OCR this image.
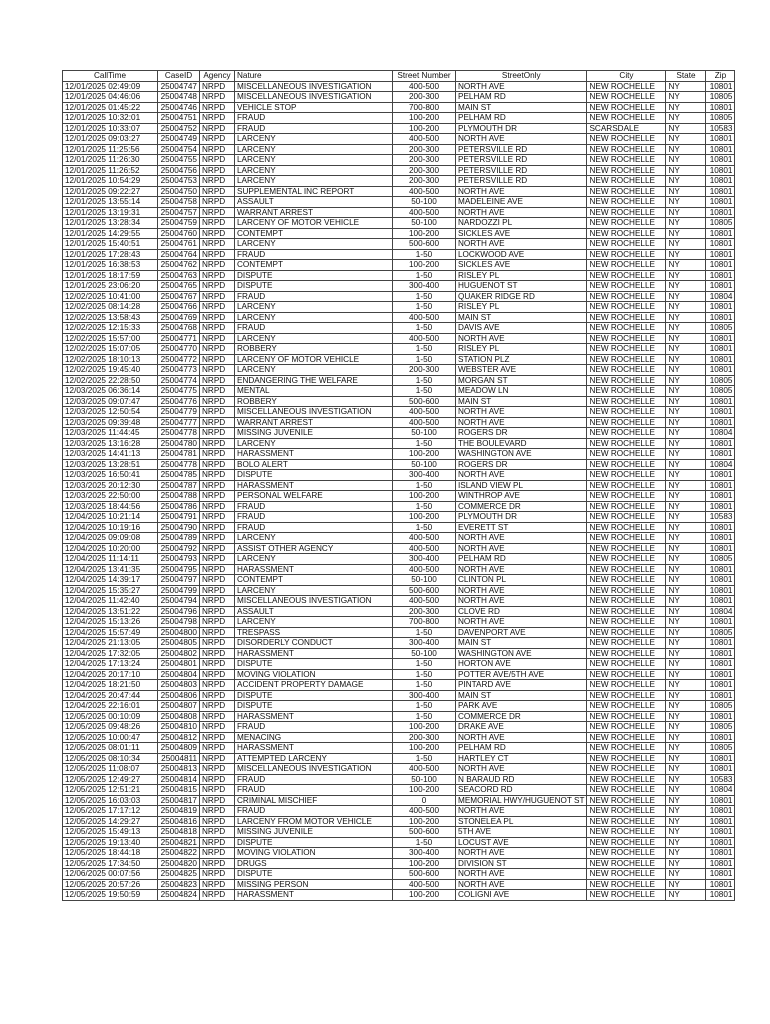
CallTime	CaseID	Agency	Nature	Street Number	StreetOnly	City	State	Zip
12/01/2025 02:49:09	25004747	NRPD	MISCELLANEOUS INVESTIGATION	400-500	NORTH AVE	NEW ROCHELLE	NY	10801
12/01/2025 04:46:06	25004748	NRPD	MISCELLANEOUS INVESTIGATION	200-300	PELHAM RD	NEW ROCHELLE	NY	10805
12/01/2025 01:45:22	25004746	NRPD	VEHICLE STOP	700-800	MAIN ST	NEW ROCHELLE	NY	10801
12/01/2025 10:32:01	25004751	NRPD	FRAUD	100-200	PELHAM RD	NEW ROCHELLE	NY	10805
12/01/2025 10:33:07	25004752	NRPD	FRAUD	100-200	PLYMOUTH DR	SCARSDALE	NY	10583
12/01/2025 09:03:27	25004749	NRPD	LARCENY	400-500	NORTH AVE	NEW ROCHELLE	NY	10801
12/01/2025 11:25:56	25004754	NRPD	LARCENY	200-300	PETERSVILLE RD	NEW ROCHELLE	NY	10801
12/01/2025 11:26:30	25004755	NRPD	LARCENY	200-300	PETERSVILLE RD	NEW ROCHELLE	NY	10801
12/01/2025 11:26:52	25004756	NRPD	LARCENY	200-300	PETERSVILLE RD	NEW ROCHELLE	NY	10801
12/01/2025 10:54:29	25004753	NRPD	LARCENY	200-300	PETERSVILLE RD	NEW ROCHELLE	NY	10801
12/01/2025 09:22:27	25004750	NRPD	SUPPLEMENTAL INC REPORT	400-500	NORTH AVE	NEW ROCHELLE	NY	10801
12/01/2025 13:55:14	25004758	NRPD	ASSAULT	50-100	MADELEINE AVE	NEW ROCHELLE	NY	10801
12/01/2025 13:19:31	25004757	NRPD	WARRANT ARREST	400-500	NORTH AVE	NEW ROCHELLE	NY	10801
12/01/2025 13:28:34	25004759	NRPD	LARCENY OF MOTOR VEHICLE	50-100	NARDOZZI PL	NEW ROCHELLE	NY	10805
12/01/2025 14:29:55	25004760	NRPD	CONTEMPT	100-200	SICKLES AVE	NEW ROCHELLE	NY	10801
12/01/2025 15:40:51	25004761	NRPD	LARCENY	500-600	NORTH AVE	NEW ROCHELLE	NY	10801
12/01/2025 17:28:43	25004764	NRPD	FRAUD	1-50	LOCKWOOD AVE	NEW ROCHELLE	NY	10801
12/01/2025 16:38:53	25004762	NRPD	CONTEMPT	100-200	SICKLES AVE	NEW ROCHELLE	NY	10801
12/01/2025 18:17:59	25004763	NRPD	DISPUTE	1-50	RISLEY PL	NEW ROCHELLE	NY	10801
12/01/2025 23:06:20	25004765	NRPD	DISPUTE	300-400	HUGUENOT ST	NEW ROCHELLE	NY	10801
12/02/2025 10:41:00	25004767	NRPD	FRAUD	1-50	QUAKER RIDGE RD	NEW ROCHELLE	NY	10804
12/02/2025 08:14:28	25004766	NRPD	LARCENY	1-50	RISLEY PL	NEW ROCHELLE	NY	10801
12/02/2025 13:58:43	25004769	NRPD	LARCENY	400-500	MAIN ST	NEW ROCHELLE	NY	10801
12/02/2025 12:15:33	25004768	NRPD	FRAUD	1-50	DAVIS AVE	NEW ROCHELLE	NY	10805
12/02/2025 15:57:00	25004771	NRPD	LARCENY	400-500	NORTH AVE	NEW ROCHELLE	NY	10801
12/02/2025 15:07:05	25004770	NRPD	ROBBERY	1-50	RISLEY PL	NEW ROCHELLE	NY	10801
12/02/2025 18:10:13	25004772	NRPD	LARCENY OF MOTOR VEHICLE	1-50	STATION PLZ	NEW ROCHELLE	NY	10801
12/02/2025 19:45:40	25004773	NRPD	LARCENY	200-300	WEBSTER AVE	NEW ROCHELLE	NY	10801
12/02/2025 22:28:50	25004774	NRPD	ENDANGERING THE WELFARE	1-50	MORGAN ST	NEW ROCHELLE	NY	10805
12/03/2025 06:36:14	25004775	NRPD	MENTAL	1-50	MEADOW LN	NEW ROCHELLE	NY	10805
12/03/2025 09:07:47	25004776	NRPD	ROBBERY	500-600	MAIN ST	NEW ROCHELLE	NY	10801
12/03/2025 12:50:54	25004779	NRPD	MISCELLANEOUS INVESTIGATION	400-500	NORTH AVE	NEW ROCHELLE	NY	10801
12/03/2025 09:39:48	25004777	NRPD	WARRANT ARREST	400-500	NORTH AVE	NEW ROCHELLE	NY	10801
12/03/2025 11:44:45	25004778	NRPD	MISSING JUVENILE	50-100	ROGERS DR	NEW ROCHELLE	NY	10804
12/03/2025 13:16:28	25004780	NRPD	LARCENY	1-50	THE BOULEVARD	NEW ROCHELLE	NY	10801
12/03/2025 14:41:13	25004781	NRPD	HARASSMENT	100-200	WASHINGTON AVE	NEW ROCHELLE	NY	10801
12/03/2025 13:28:51	25004778	NRPD	BOLO ALERT	50-100	ROGERS DR	NEW ROCHELLE	NY	10804
12/03/2025 16:50:41	25004785	NRPD	DISPUTE	300-400	NORTH AVE	NEW ROCHELLE	NY	10801
12/03/2025 20:12:30	25004787	NRPD	HARASSMENT	1-50	ISLAND VIEW PL	NEW ROCHELLE	NY	10801
12/03/2025 22:50:00	25004788	NRPD	PERSONAL WELFARE	100-200	WINTHROP AVE	NEW ROCHELLE	NY	10801
12/03/2025 18:44:56	25004786	NRPD	FRAUD	1-50	COMMERCE DR	NEW ROCHELLE	NY	10801
12/04/2025 10:21:14	25004791	NRPD	FRAUD	100-200	PLYMOUTH DR	NEW ROCHELLE	NY	10583
12/04/2025 10:19:16	25004790	NRPD	FRAUD	1-50	EVERETT ST	NEW ROCHELLE	NY	10801
12/04/2025 09:09:08	25004789	NRPD	LARCENY	400-500	NORTH AVE	NEW ROCHELLE	NY	10801
12/04/2025 10:20:00	25004792	NRPD	ASSIST OTHER AGENCY	400-500	NORTH AVE	NEW ROCHELLE	NY	10801
12/04/2025 11:14:11	25004793	NRPD	LARCENY	300-400	PELHAM RD	NEW ROCHELLE	NY	10805
12/04/2025 13:41:35	25004795	NRPD	HARASSMENT	400-500	NORTH AVE	NEW ROCHELLE	NY	10801
12/04/2025 14:39:17	25004797	NRPD	CONTEMPT	50-100	CLINTON PL	NEW ROCHELLE	NY	10801
12/04/2025 15:35:27	25004799	NRPD	LARCENY	500-600	NORTH AVE	NEW ROCHELLE	NY	10801
12/04/2025 11:42:40	25004794	NRPD	MISCELLANEOUS INVESTIGATION	400-500	NORTH AVE	NEW ROCHELLE	NY	10801
12/04/2025 13:51:22	25004796	NRPD	ASSAULT	200-300	CLOVE RD	NEW ROCHELLE	NY	10804
12/04/2025 15:13:26	25004798	NRPD	LARCENY	700-800	NORTH AVE	NEW ROCHELLE	NY	10801
12/04/2025 15:57:49	25004800	NRPD	TRESPASS	1-50	DAVENPORT AVE	NEW ROCHELLE	NY	10805
12/04/2025 21:13:05	25004805	NRPD	DISORDERLY CONDUCT	300-400	MAIN ST	NEW ROCHELLE	NY	10801
12/04/2025 17:32:05	25004802	NRPD	HARASSMENT	50-100	WASHINGTON AVE	NEW ROCHELLE	NY	10801
12/04/2025 17:13:24	25004801	NRPD	DISPUTE	1-50	HORTON AVE	NEW ROCHELLE	NY	10801
12/04/2025 20:17:10	25004804	NRPD	MOVING VIOLATION	1-50	POTTER AVE/5TH AVE	NEW ROCHELLE	NY	10801
12/04/2025 18:21:50	25004803	NRPD	ACCIDENT PROPERTY DAMAGE	1-50	PINTARD AVE	NEW ROCHELLE	NY	10801
12/04/2025 20:47:44	25004806	NRPD	DISPUTE	300-400	MAIN ST	NEW ROCHELLE	NY	10801
12/04/2025 22:16:01	25004807	NRPD	DISPUTE	1-50	PARK AVE	NEW ROCHELLE	NY	10805
12/05/2025 00:10:09	25004808	NRPD	HARASSMENT	1-50	COMMERCE DR	NEW ROCHELLE	NY	10801
12/05/2025 09:48:26	25004810	NRPD	FRAUD	100-200	DRAKE AVE	NEW ROCHELLE	NY	10805
12/05/2025 10:00:47	25004812	NRPD	MENACING	200-300	NORTH AVE	NEW ROCHELLE	NY	10801
12/05/2025 08:01:11	25004809	NRPD	HARASSMENT	100-200	PELHAM RD	NEW ROCHELLE	NY	10805
12/05/2025 08:10:34	25004811	NRPD	ATTEMPTED LARCENY	1-50	HARTLEY CT	NEW ROCHELLE	NY	10801
12/05/2025 11:08:07	25004813	NRPD	MISCELLANEOUS INVESTIGATION	400-500	NORTH AVE	NEW ROCHELLE	NY	10801
12/05/2025 12:49:27	25004814	NRPD	FRAUD	50-100	N BARAUD RD	NEW ROCHELLE	NY	10583
12/05/2025 12:51:21	25004815	NRPD	FRAUD	100-200	SEACORD RD	NEW ROCHELLE	NY	10804
12/05/2025 16:03:03	25004817	NRPD	CRIMINAL MISCHIEF	0	MEMORIAL HWY/HUGUENOT ST	NEW ROCHELLE	NY	10801
12/05/2025 17:17:12	25004819	NRPD	FRAUD	400-500	NORTH AVE	NEW ROCHELLE	NY	10801
12/05/2025 14:29:27	25004816	NRPD	LARCENY FROM MOTOR VEHICLE	100-200	STONELEA PL	NEW ROCHELLE	NY	10801
12/05/2025 15:49:13	25004818	NRPD	MISSING JUVENILE	500-600	5TH AVE	NEW ROCHELLE	NY	10801
12/05/2025 19:13:40	25004821	NRPD	DISPUTE	1-50	LOCUST AVE	NEW ROCHELLE	NY	10801
12/05/2025 18:44:18	25004822	NRPD	MOVING VIOLATION	300-400	NORTH AVE	NEW ROCHELLE	NY	10801
12/05/2025 17:34:50	25004820	NRPD	DRUGS	100-200	DIVISION ST	NEW ROCHELLE	NY	10801
12/06/2025 00:07:56	25004825	NRPD	DISPUTE	500-600	NORTH AVE	NEW ROCHELLE	NY	10801
12/05/2025 20:57:26	25004823	NRPD	MISSING PERSON	400-500	NORTH AVE	NEW ROCHELLE	NY	10801
12/05/2025 19:50:59	25004824	NRPD	HARASSMENT	100-200	COLIGNI AVE	NEW ROCHELLE	NY	10801
